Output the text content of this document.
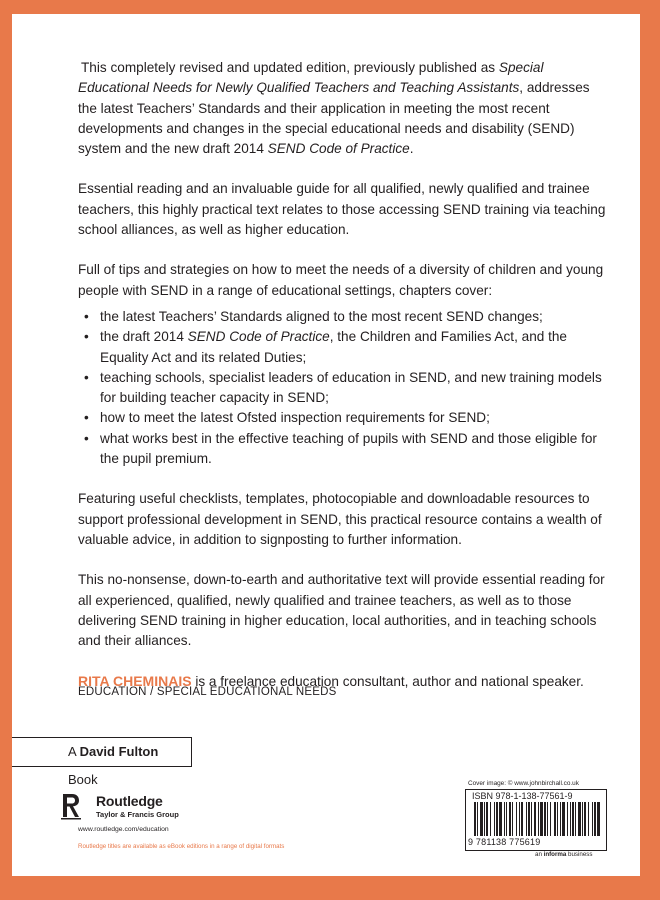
This completely revised and updated edition, previously published as Special Educational Needs for Newly Qualified Teachers and Teaching Assistants, addresses the latest Teachers’ Standards and their application in meeting the most recent developments and changes in the special educational needs and disability (SEND) system and the new draft 2014 SEND Code of Practice.

Essential reading and an invaluable guide for all qualified, newly qualified and trainee teachers, this highly practical text relates to those accessing SEND training via teaching school alliances, as well as higher education.

Full of tips and strategies on how to meet the needs of a diversity of children and young people with SEND in a range of educational settings, chapters cover:

• the latest Teachers’ Standards aligned to the most recent SEND changes;
• the draft 2014 SEND Code of Practice, the Children and Families Act, and the Equality Act and its related Duties;
• teaching schools, specialist leaders of education in SEND, and new training models for building teacher capacity in SEND;
• how to meet the latest Ofsted inspection requirements for SEND;
• what works best in the effective teaching of pupils with SEND and those eligible for the pupil premium.

Featuring useful checklists, templates, photocopiable and downloadable resources to support professional development in SEND, this practical resource contains a wealth of valuable advice, in addition to signposting to further information.

This no-nonsense, down-to-earth and authoritative text will provide essential reading for all experienced, qualified, newly qualified and trainee teachers, as well as to those delivering SEND training in higher education, local authorities, and in teaching schools and their alliances.

RITA CHEMINAIS is a freelance education consultant, author and national speaker.

EDUCATION / SPECIAL EDUCATIONAL NEEDS
A David Fulton Book
Routledge
Taylor & Francis Group
www.routledge.com/education
Routledge titles are available as eBook editions in a range of digital formats
Cover image: © www.johnbirchall.co.uk
ISBN 978-1-138-77561-9
9 781138 775619
an informa business
